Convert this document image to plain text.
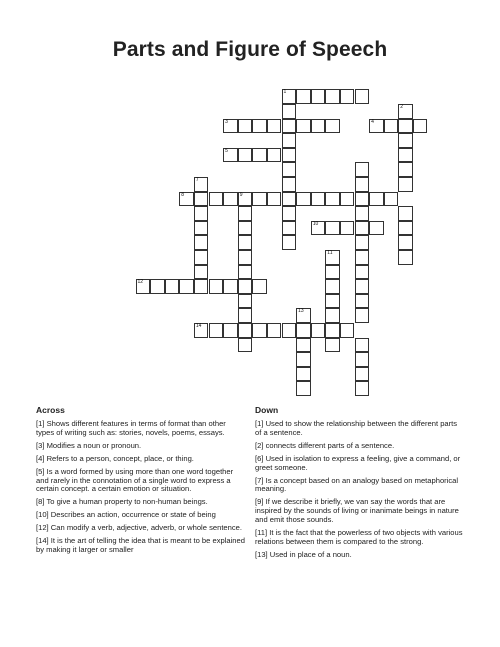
Parts and Figure of Speech
1
3	4
5
7
8	9
10
12
14
2
11
13
Across	Down

[1] Shows different features in terms of format than other types of writing such as: stories, novels, poems, essays.

[3] Modifies a noun or pronoun.

[4] Refers to a person, concept, place, or thing.

[5] Is a word formed by using more than one word together and rarely in the connotation of a single word to express a certain concept. a certain emotion or situation.

[8] To give a human property to non-human beings.

[10] Describes an action, occurrence or state of being

[12] Can modify a verb, adjective, adverb, or whole sentence.

[14] It is the art of telling the idea that is meant to be explained by making it larger or smaller

[1] Used to show the relationship between the different parts of a sentence.

[2] connects different parts of a sentence.

[6] Used in isolation to express a feeling, give a command, or greet someone.

[7] Is a concept based on an analogy based on metaphorical meaning.

[9] If we describe it briefly, we van say the words that are inspired by the sounds of living or inanimate beings in nature and emit those sounds.

[11] It is the fact that the powerless of two objects with various relations between them is compared to the strong.

[13] Used in place of a noun.
